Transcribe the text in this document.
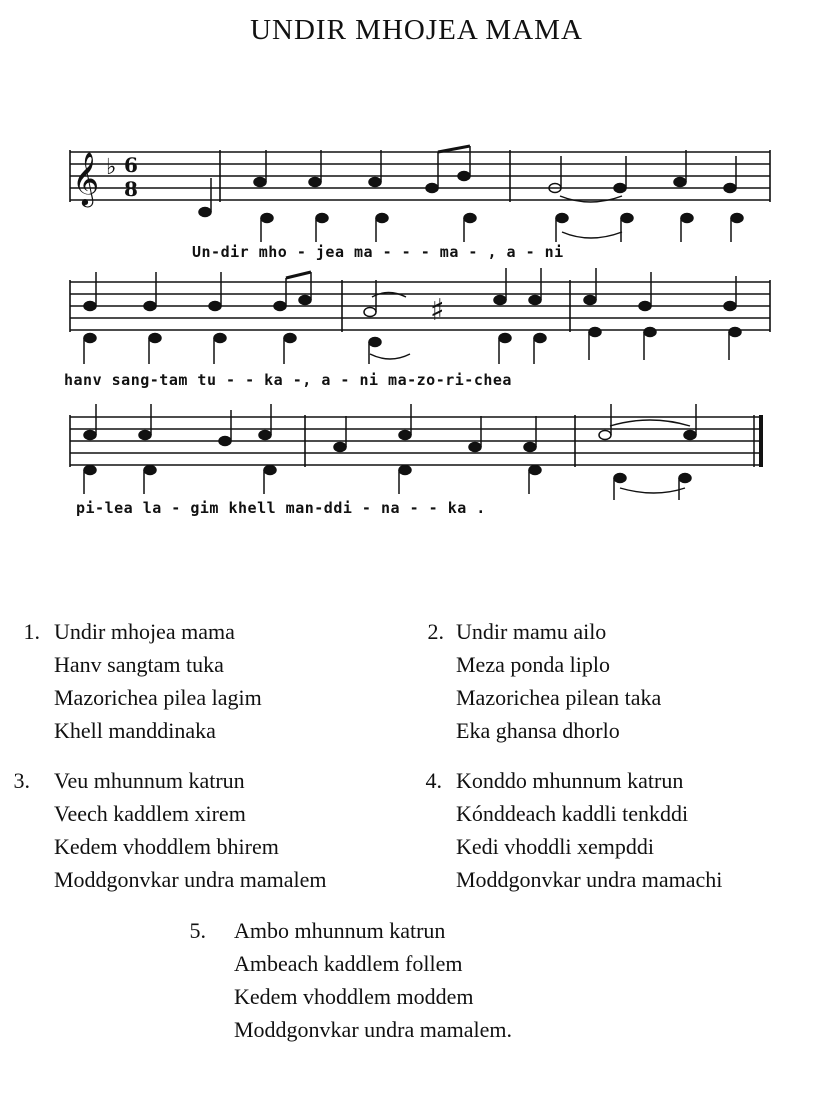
UNDIR MHOJEA MAMA
𝄞 ♭ 6
8
♯
Un-dir mho - jea ma - - - ma - , a - ni
hanv sang-tam tu - - ka -, a - ni ma-zo-ri-chea
pi-lea la - gim khell man-ddi - na - - ka .
1. Undir mhojea mama
Hanv sangtam tuka
Mazorichea pilea lagim
Khell manddinaka
2. Undir mamu ailo
Meza ponda liplo
Mazorichea pilean taka
Eka ghansa dhorlo
3. Veu mhunnum katrun
Veech kaddlem xirem
Kedem vhoddlem bhirem
Moddgonvkar undra mamalem
4. Konddo mhunnum katrun
Kónddeach kaddli tenkddi
Kedi vhoddli xempddi
Moddgonvkar undra mamachi
5. Ambo mhunnum katrun
Ambeach kaddlem follem
Kedem vhoddlem moddem
Moddgonvkar undra mamalem.
